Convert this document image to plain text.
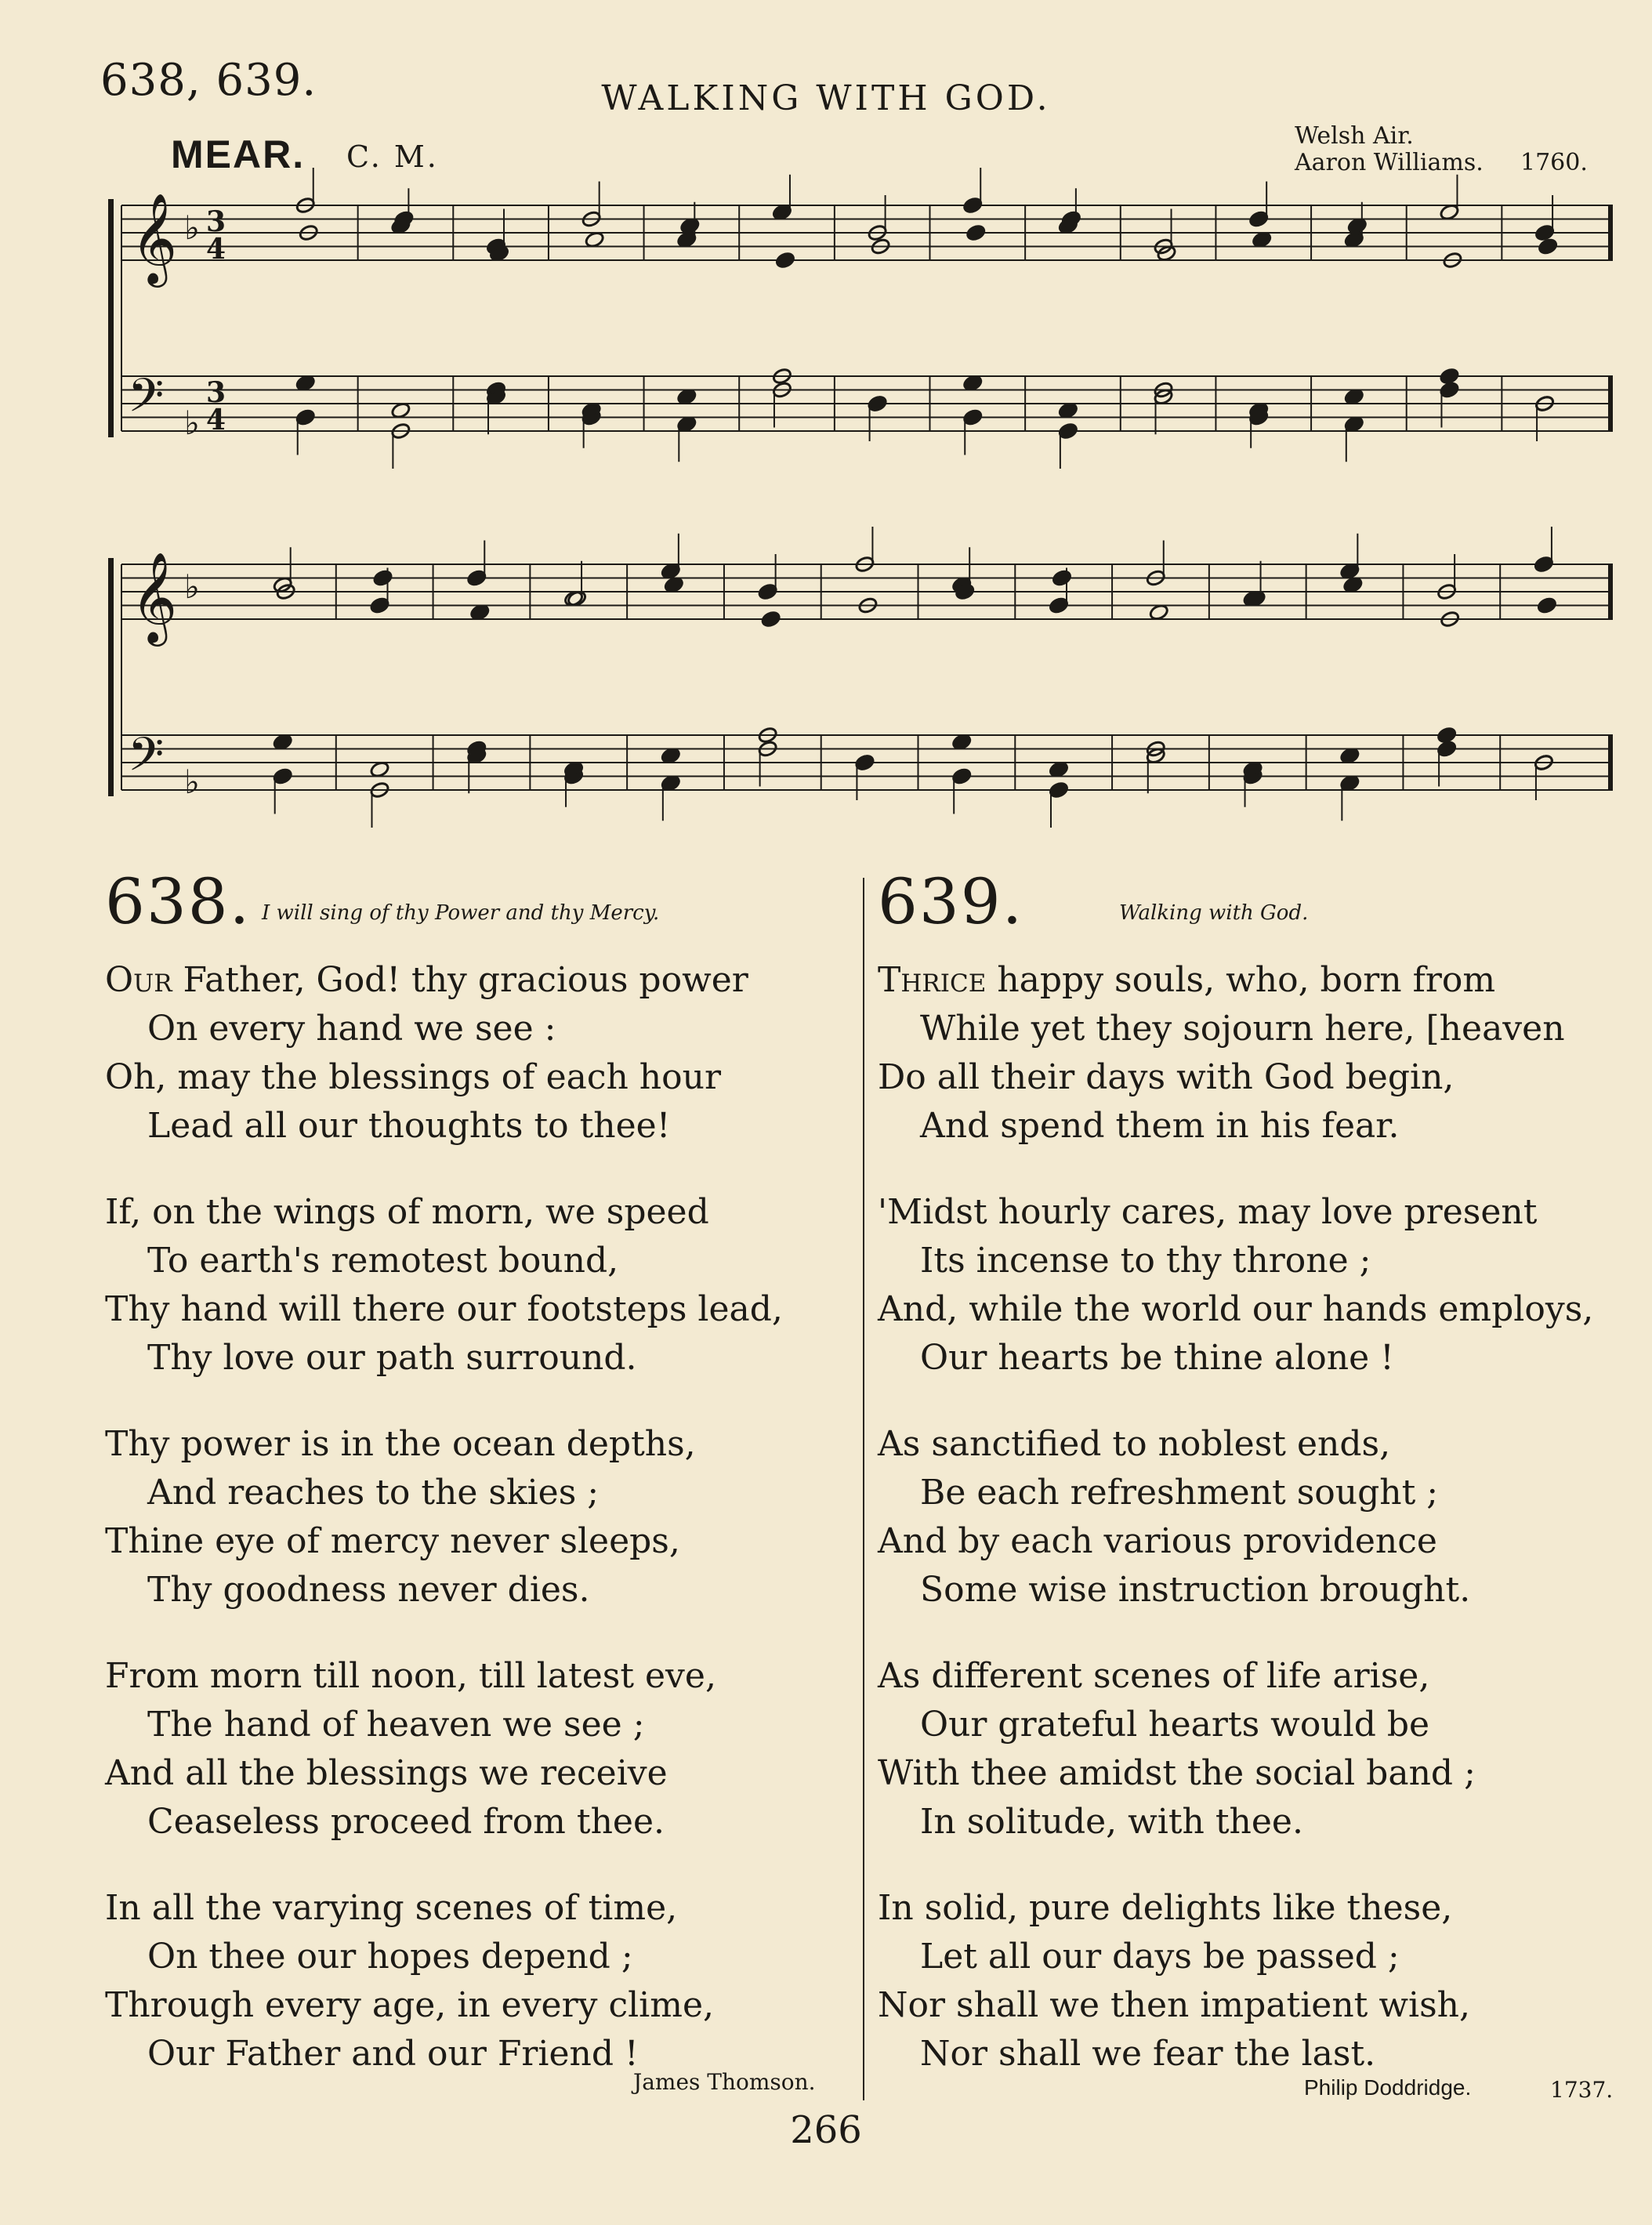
638, 639.	WALKING WITH GOD.
MEAR. C. M.
Welsh Air.
Aaron Williams. 1760.
𝄞
𝄢
♭
♭
3
4
3
4
𝄞
𝄢
♭
♭
638. I will sing of thy Power and thy Mercy.
Our Father, God! thy gracious power
On every hand we see :
Oh, may the blessings of each hour
Lead all our thoughts to thee!
If, on the wings of morn, we speed
To earth's remotest bound,
Thy hand will there our footsteps lead,
Thy love our path surround.
Thy power is in the ocean depths,
And reaches to the skies ;
Thine eye of mercy never sleeps,
Thy goodness never dies.
From morn till noon, till latest eve,
The hand of heaven we see ;
And all the blessings we receive
Ceaseless proceed from thee.
In all the varying scenes of time,
On thee our hopes depend ;
Through every age, in every clime,
Our Father and our Friend !
639.	Walking with God.
Thrice happy souls, who, born from
While yet they sojourn here, [heaven
Do all their days with God begin,
And spend them in his fear.
'Midst hourly cares, may love present
Its incense to thy throne ;
And, while the world our hands employs,
Our hearts be thine alone !
As sanctified to noblest ends,
Be each refreshment sought ;
And by each various providence
Some wise instruction brought.
As different scenes of life arise,
Our grateful hearts would be
With thee amidst the social band ;
In solitude, with thee.
In solid, pure delights like these,
Let all our days be passed ;
Nor shall we then impatient wish,
Nor shall we fear the last.
James Thomson.	Philip Doddridge.	1737.
266
